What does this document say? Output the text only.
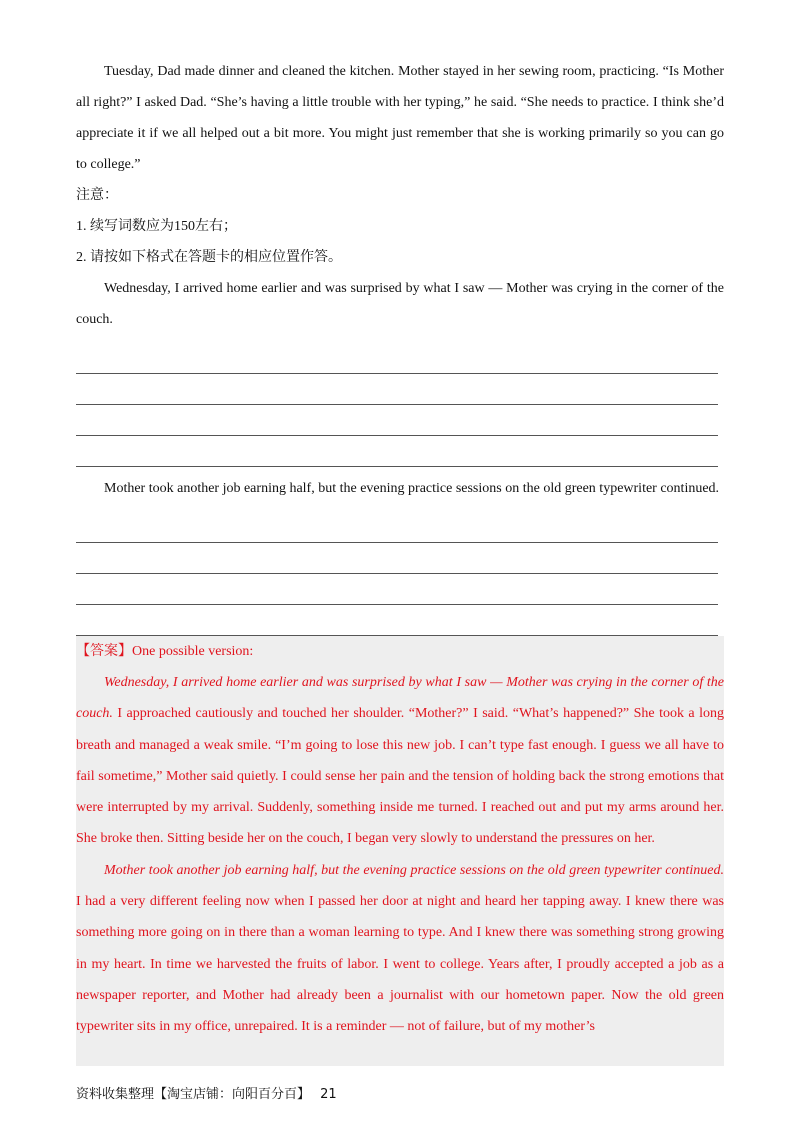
Tuesday, Dad made dinner and cleaned the kitchen. Mother stayed in her sewing room, practicing. “Is Mother all right?” I asked Dad. “She’s having a little trouble with her typing,” he said. “She needs to practice. I think she’d appreciate it if we all helped out a bit more. You might just remember that she is working primarily so you can go to college.”

注意：

1. 续写词数应为150左右；

2. 请按如下格式在答题卡的相应位置作答。

Wednesday, I arrived home earlier and was surprised by what I saw — Mother was crying in the corner of the couch.

Mother took another job earning half, but the evening practice sessions on the old green typewriter continued.

【答案】One possible version:

Wednesday, I arrived home earlier and was surprised by what I saw — Mother was crying in the corner of the couch. I approached cautiously and touched her shoulder. “Mother?” I said. “What’s happened?” She took a long breath and managed a weak smile. “I’m going to lose this new job. I can’t type fast enough. I guess we all have to fail sometime,” Mother said quietly. I could sense her pain and the tension of holding back the strong emotions that were interrupted by my arrival. Suddenly, something inside me turned. I reached out and put my arms around her. She broke then. Sitting beside her on the couch, I began very slowly to understand the pressures on her.

Mother took another job earning half, but the evening practice sessions on the old green typewriter continued. I had a very different feeling now when I passed her door at night and heard her tapping away. I knew there was something more going on in there than a woman learning to type. And I knew there was something strong growing in my heart. In time we harvested the fruits of labor. I went to college. Years after, I proudly accepted a job as a newspaper reporter, and Mother had already been a journalist with our hometown paper. Now the old green typewriter sits in my office, unrepaired. It is a reminder — not of failure, but of my mother’s

资料收集整理【淘宝店铺：向阳百分百】 21
